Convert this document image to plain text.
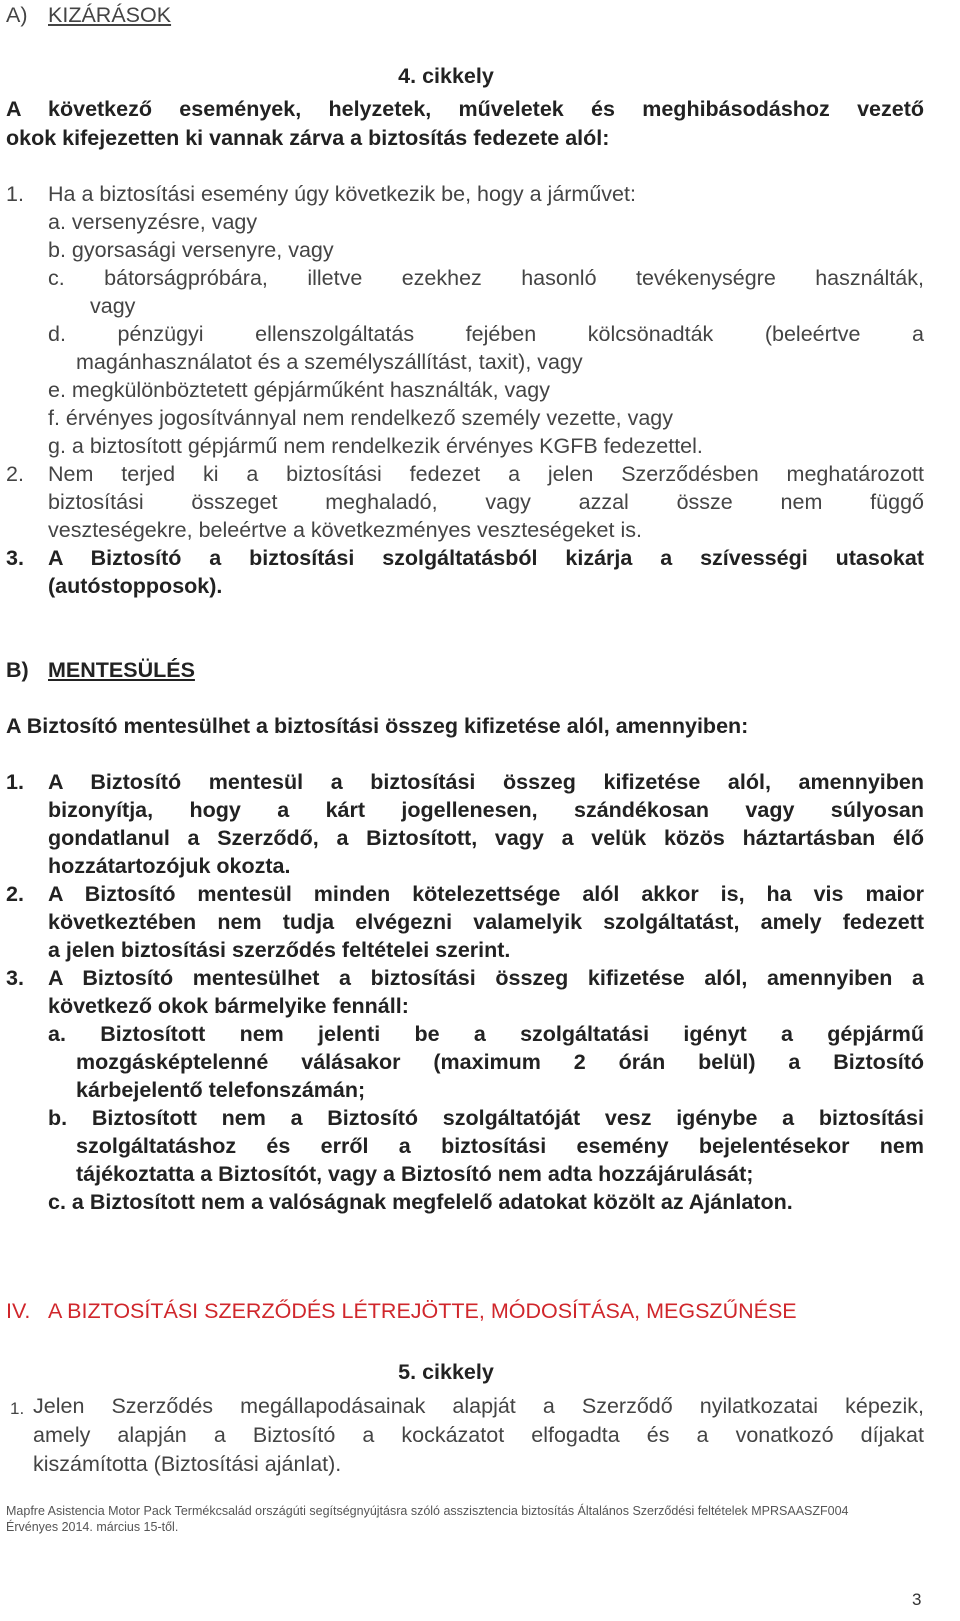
A) KIZÁRÁSOK
4. cikkely
A következő események, helyzetek, műveletek és meghibásodáshoz vezető
okok kifejezetten ki vannak zárva a biztosítás fedezete alól:
1. Ha a biztosítási esemény úgy következik be, hogy a járművet:
a. versenyzésre, vagy
b. gyorsasági versenyre, vagy
c. bátorságpróbára, illetve ezekhez hasonló tevékenységre használták,
vagy
d. pénzügyi ellenszolgáltatás fejében kölcsönadták (beleértve a
magánhasználatot és a személyszállítást, taxit), vagy
e. megkülönböztetett gépjárműként használták, vagy
f. érvényes jogosítvánnyal nem rendelkező személy vezette, vagy
g. a biztosított gépjármű nem rendelkezik érvényes KGFB fedezettel.
2. Nem terjed ki a biztosítási fedezet a jelen Szerződésben meghatározott
biztosítási összeget meghaladó, vagy azzal össze nem függő
veszteségekre, beleértve a következményes veszteségeket is.
3. A Biztosító a biztosítási szolgáltatásból kizárja a szívességi utasokat
(autóstopposok).
B) MENTESÜLÉS
A Biztosító mentesülhet a biztosítási összeg kifizetése alól, amennyiben:
1. A Biztosító mentesül a biztosítási összeg kifizetése alól, amennyiben
bizonyítja, hogy a kárt jogellenesen, szándékosan vagy súlyosan
gondatlanul a Szerződő, a Biztosított, vagy a velük közös háztartásban élő
hozzátartozójuk okozta.
2. A Biztosító mentesül minden kötelezettsége alól akkor is, ha vis maior
következtében nem tudja elvégezni valamelyik szolgáltatást, amely fedezett
a jelen biztosítási szerződés feltételei szerint.
3. A Biztosító mentesülhet a biztosítási összeg kifizetése alól, amennyiben a
következő okok bármelyike fennáll:
a. Biztosított nem jelenti be a szolgáltatási igényt a gépjármű
mozgásképtelenné válásakor (maximum 2 órán belül) a Biztosító
kárbejelentő telefonszámán;
b. Biztosított nem a Biztosító szolgáltatóját vesz igénybe a biztosítási
szolgáltatáshoz és erről a biztosítási esemény bejelentésekor nem
tájékoztatta a Biztosítót, vagy a Biztosító nem adta hozzájárulását;
c. a Biztosított nem a valóságnak megfelelő adatokat közölt az Ajánlaton.
IV. A BIZTOSÍTÁSI SZERZŐDÉS LÉTREJÖTTE, MÓDOSÍTÁSA, MEGSZŰNÉSE
5. cikkely
1. Jelen Szerződés megállapodásainak alapját a Szerződő nyilatkozatai képezik,
amely alapján a Biztosító a kockázatot elfogadta és a vonatkozó díjakat
kiszámította (Biztosítási ajánlat).
Mapfre Asistencia Motor Pack Termékcsalád országúti segítségnyújtásra szóló asszisztencia biztosítás Általános Szerződési feltételek MPRSAASZF004
Érvényes 2014. március 15-től.
3
